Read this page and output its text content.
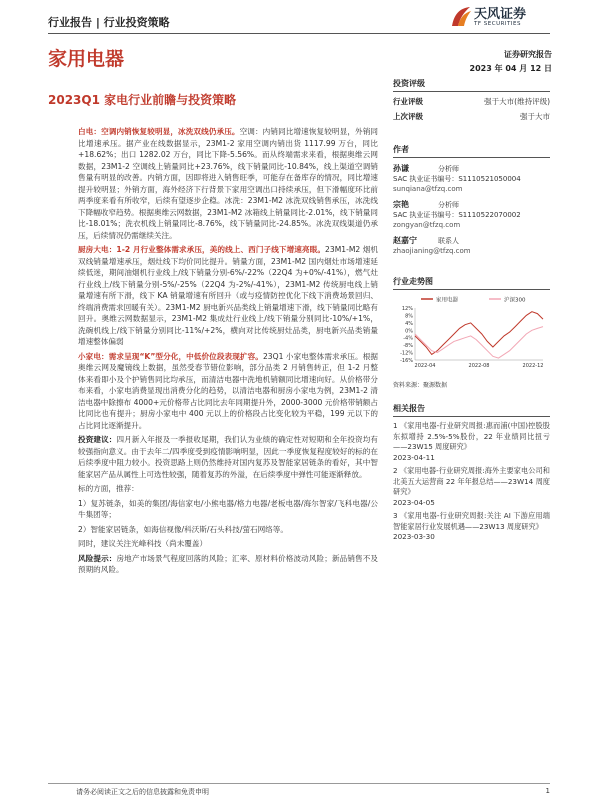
行业报告 | 行业投资策略
天风证券
TF SECURITIES
家用电器	证券研究报告
2023 年 04 月 12 日
2023Q1 家电行业前瞻与投资策略

白电：空调内销恢复较明显，冰洗双线仍承压。空调：内销同比增速恢复较明显，外销同比增速承压。据产业在线数据显示，23M1-2 家用空调内销出货 1117.99 万台，同比+18.62%；出口 1282.02 万台，同比下降-5.56%。而从终端需求来看，根据奥维云网数据，23M1-2 空调线上销量同比+23.76%，线下销量同比-10.84%，线上渠道空调销售量有明显的改善。内销方面，因即将进入销售旺季，可能存在备库存的情况，同比增速提升较明显；外销方面，海外经济下行背景下家用空调出口持续承压，但下滑幅度环比前两季度来看有所收窄，后续有望逐步企稳。冰洗：23M1-M2 冰洗双线销售承压，冰洗线下降幅收窄趋势。根据奥维云网数据，23M1-M2 冰箱线上销量同比-2.01%，线下销量同比-18.01%；洗衣机线上销量同比-8.76%，线下销量同比-24.85%。冰洗双线渠道仍承压，后续情况仍需继续关注。

厨房大电：1-2 月行业整体需求承压，美的线上、西门子线下增速亮眼。23M1-M2 烟机双线销量增速承压，烟灶线下均价同比提升。销量方面，23M1-M2 国内烟灶市场增速延续低迷，期间油烟机行业线上/线下销量分别-6%/-22%（22Q4 为+0%/-41%），燃气灶行业线上/线下销量分别-5%/-25%（22Q4 为-2%/-41%），23M1-M2 传统厨电线上销量增速有所下滑，线下 KA 销量增速有所回升（或与疫情防控优化下线下消费场景回归、终端消费需求回暖有关）。23M1-M2 厨电新兴品类线上销量增速下滑，线下销量同比略有回升。奥维云网数据显示，23M1-M2 集成灶行业线上/线下销量分别同比-10%/+1%，洗碗机线上/线下销量分别同比-11%/+2%，横向对比传统厨灶品类，厨电新兴品类销量增速整体偏弱

小家电：需求呈现“K”型分化，中低价位段表现扩容。23Q1 小家电整体需求承压。根据奥维云网及魔镜线上数据，虽然受春节错位影响，部分品类 2 月销售转正，但 1-2 月整体来看即小及个护销售同比均承压，而清洁电器中洗地机销额同比增速向好。从价格带分布来看，小家电消费显现出消费分化的趋势，以清洁电器和厨房小家电为例，23M1-2 清洁电器中除擦布 4000+元价格带占比同比去年同期提升外，2000-3000 元价格带销额占比同比也有提升；厨房小家电中 400 元以上的价格段占比变化较为平稳，199 元以下的占比同比逐渐提升。

投资建议：四月新入年报及一季报收尾期，我们认为业绩的确定性对短期和全年投资均有较强指向意义。由于去年二/四季度受到疫情影响明显，因此一季度恢复程度较好的标的在后续季度中阻力较小。投资思路上则仍然维持对国内复苏及智能家居链条的看好，其中智能家居产品从属性上可选性较强，随着复苏的外溢，在后续季度中弹性可能逐渐释放。

标的方面，推荐：

1）复苏链条，如美的集团/海信家电/小熊电器/格力电器/老板电器/海尔智家/飞科电器/公牛集团等；

2）智能家居链条，如海信视像/科沃斯/石头科技/萤石网络等。

同时，建议关注光峰科技（尚未覆盖）

风险提示：房地产市场景气程度回落的风险；汇率、原材料价格波动风险；新品销售不及预期的风险。

投资评级
行业评级	强于大市(维持评级)
上次评级	强于大市
作者
孙谦	分析师
SAC 执业证书编号：S1110521050004
sunqiana@tfzq.com
宗艳	分析师
SAC 执业证书编号：S1110522070002
zongyan@tfzq.com
赵嘉宁	联系人
zhaojianing@tfzq.com
行业走势图
家用电器	沪深300
12%
8%
4%
0%
-4%
-8%
-12%
-16%
2022-04	2022-08	2022-12
资料来源：聚源数据
相关报告
1 《家用电器-行业研究周报:惠而浦(中国)控股股东拟增持 2.5%-5%股份，22 年业绩同比扭亏——23W15 周度研究》
2023-04-11
2 《家用电器-行业研究周报:海外主要家电公司和北美五大运营商 22 年年报总结——23W14 周度研究》
2023-04-05
3 《家用电器-行业研究周报:关注 AI 下游应用端智能家居行业发展机遇——23W13 周度研究》
2023-03-30
请务必阅读正文之后的信息披露和免责申明	1
